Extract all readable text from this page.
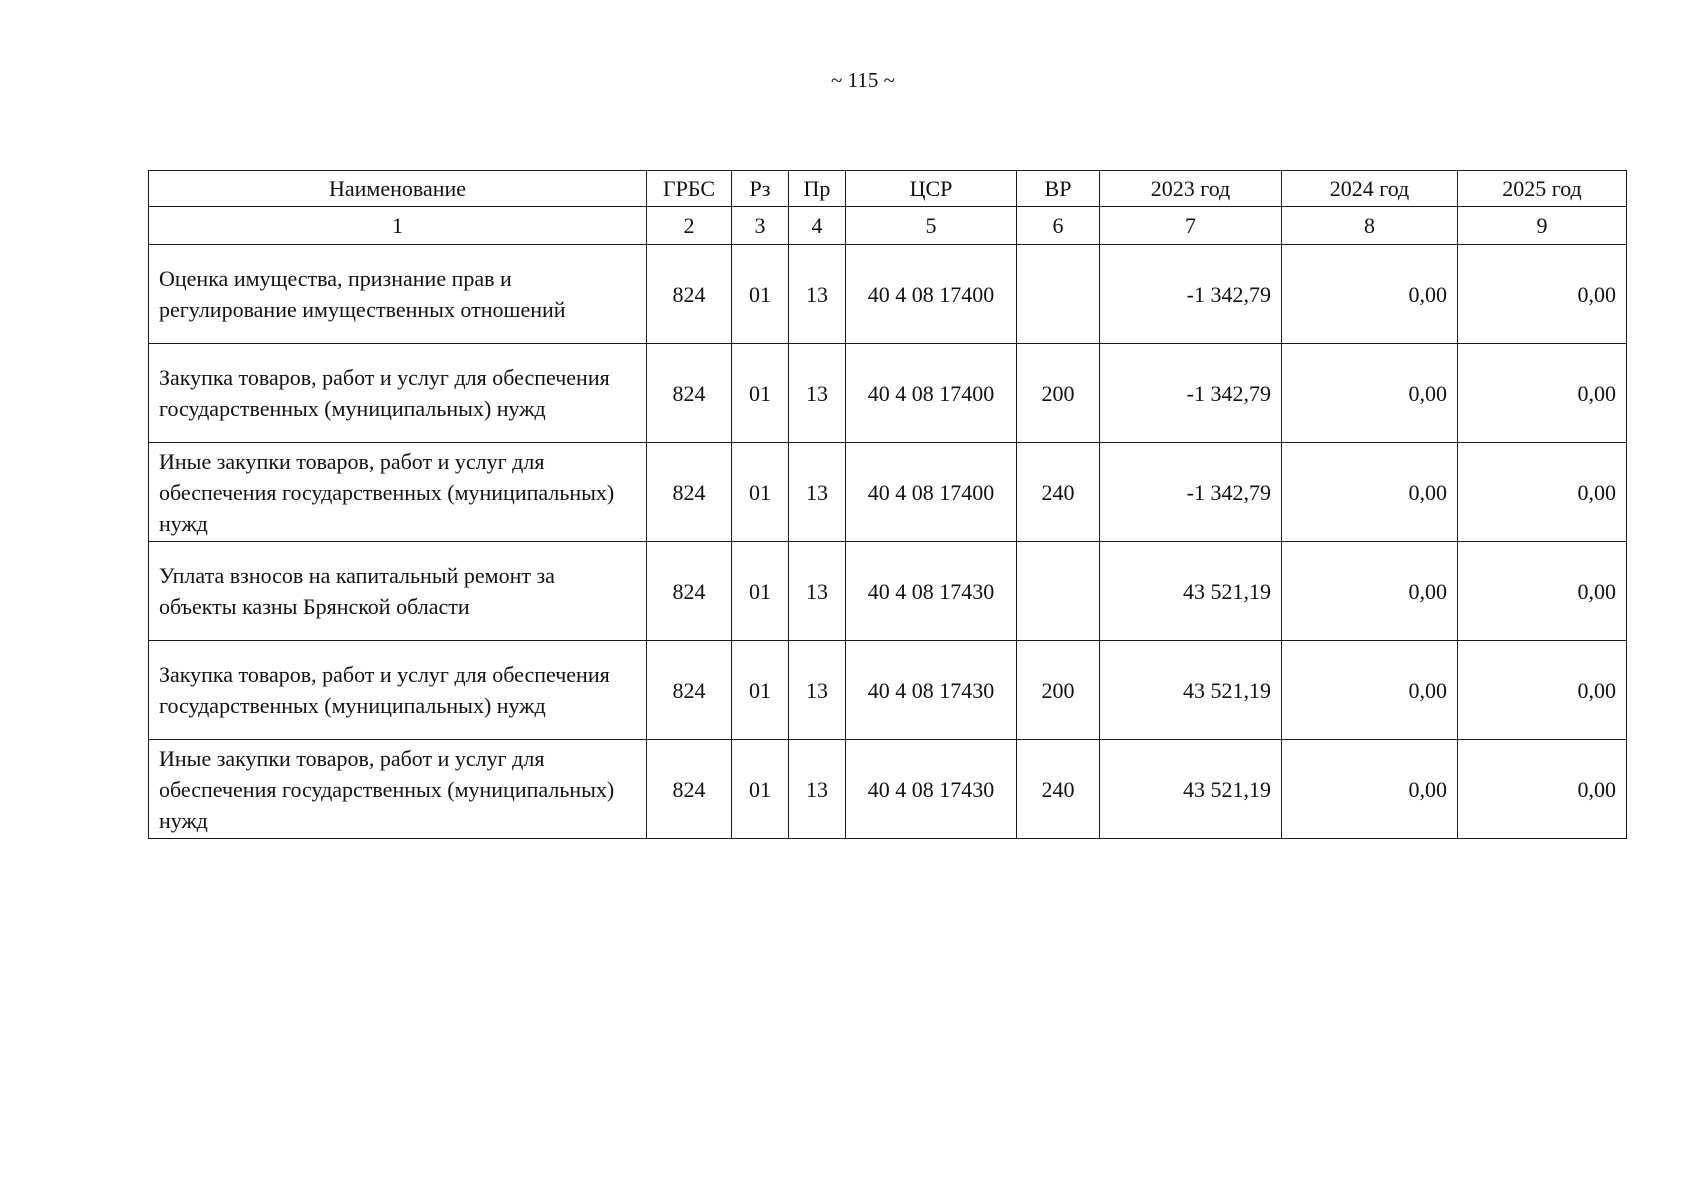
~ 115 ~
Наименование	ГРБС	Рз	Пр	ЦСР	ВР	2023 год	2024 год	2025 год
1	2	3	4	5	6	7	8	9
Оценка имущества, признание прав и регулирование имущественных отношений	824	01	13	40 4 08 17400		-1 342,79	0,00	0,00
Закупка товаров, работ и услуг для обеспечения государственных (муниципальных) нужд	824	01	13	40 4 08 17400	200	-1 342,79	0,00	0,00
Иные закупки товаров, работ и услуг для обеспечения государственных (муниципальных) нужд	824	01	13	40 4 08 17400	240	-1 342,79	0,00	0,00
Уплата взносов на капитальный ремонт за объекты казны Брянской области	824	01	13	40 4 08 17430		43 521,19	0,00	0,00
Закупка товаров, работ и услуг для обеспечения государственных (муниципальных) нужд	824	01	13	40 4 08 17430	200	43 521,19	0,00	0,00
Иные закупки товаров, работ и услуг для обеспечения государственных (муниципальных) нужд	824	01	13	40 4 08 17430	240	43 521,19	0,00	0,00
